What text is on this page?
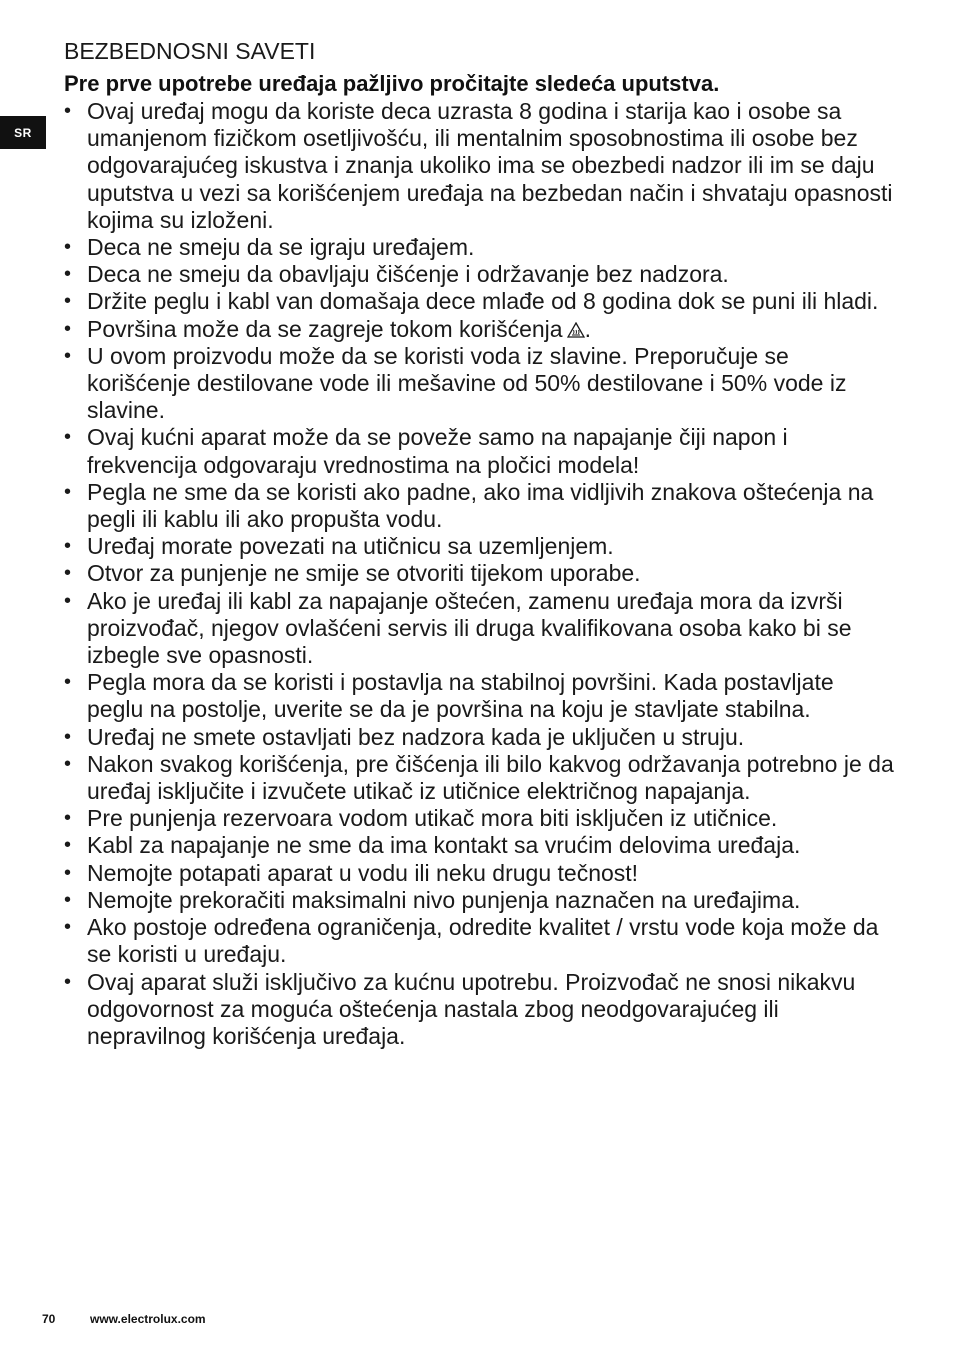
SR
BEZBEDNOSNI SAVETI

Pre prve upotrebe uređaja pažljivo pročitajte sledeća uputstva.

• Ovaj uređaj mogu da koriste deca uzrasta 8 godina i starija kao i osobe sa umanjenom fizičkom osetljivošću, ili mentalnim sposobnostima ili osobe bez odgovarajućeg iskustva i znanja ukoliko ima se obezbedi nadzor ili im se daju uputstva u vezi sa korišćenjem uređaja na bezbedan način i shvataju opasnosti kojima su izloženi.
• Deca ne smeju da se igraju uređajem.
• Deca ne smeju da obavljaju čišćenje i održavanje bez nadzora.
• Držite peglu i kabl van domašaja dece mlađe od 8 godina dok se puni ili hladi.
• Površina može da se zagreje tokom korišćenja .
• U ovom proizvodu može da se koristi voda iz slavine. Preporučuje se korišćenje destilovane vode ili mešavine od 50% destilovane i 50% vode iz slavine.
• Ovaj kućni aparat može da se poveže samo na napajanje čiji napon i frekvencija odgovaraju vrednostima na pločici modela!
• Pegla ne sme da se koristi ako padne, ako ima vidljivih znakova oštećenja na pegli ili kablu ili ako propušta vodu.
• Uređaj morate povezati na utičnicu sa uzemljenjem.
• Otvor za punjenje ne smije se otvoriti tijekom uporabe.
• Ako je uređaj ili kabl za napajanje oštećen, zamenu uređaja mora da izvrši proizvođač, njegov ovlašćeni servis ili druga kvalifikovana osoba kako bi se izbegle sve opasnosti.
• Pegla mora da se koristi i postavlja na stabilnoj površini. Kada postavljate peglu na postolje, uverite se da je površina na koju je stavljate stabilna.
• Uređaj ne smete ostavljati bez nadzora kada je uključen u struju.
• Nakon svakog korišćenja, pre čišćenja ili bilo kakvog održavanja potrebno je da uređaj isključite i izvučete utikač iz utičnice električnog napajanja.
• Pre punjenja rezervoara vodom utikač mora biti isključen iz utičnice.
• Kabl za napajanje ne sme da ima kontakt sa vrućim delovima uređaja.
• Nemojte potapati aparat u vodu ili neku drugu tečnost!
• Nemojte prekoračiti maksimalni nivo punjenja naznačen na uređajima.
• Ako postoje određena ograničenja, odredite kvalitet / vrstu vode koja može da se koristi u uređaju.
• Ovaj aparat služi isključivo za kućnu upotrebu. Proizvođač ne snosi nikakvu odgovornost za moguća oštećenja nastala zbog neodgovarajućeg ili nepravilnog korišćenja uređaja.
70	www.electrolux.com
